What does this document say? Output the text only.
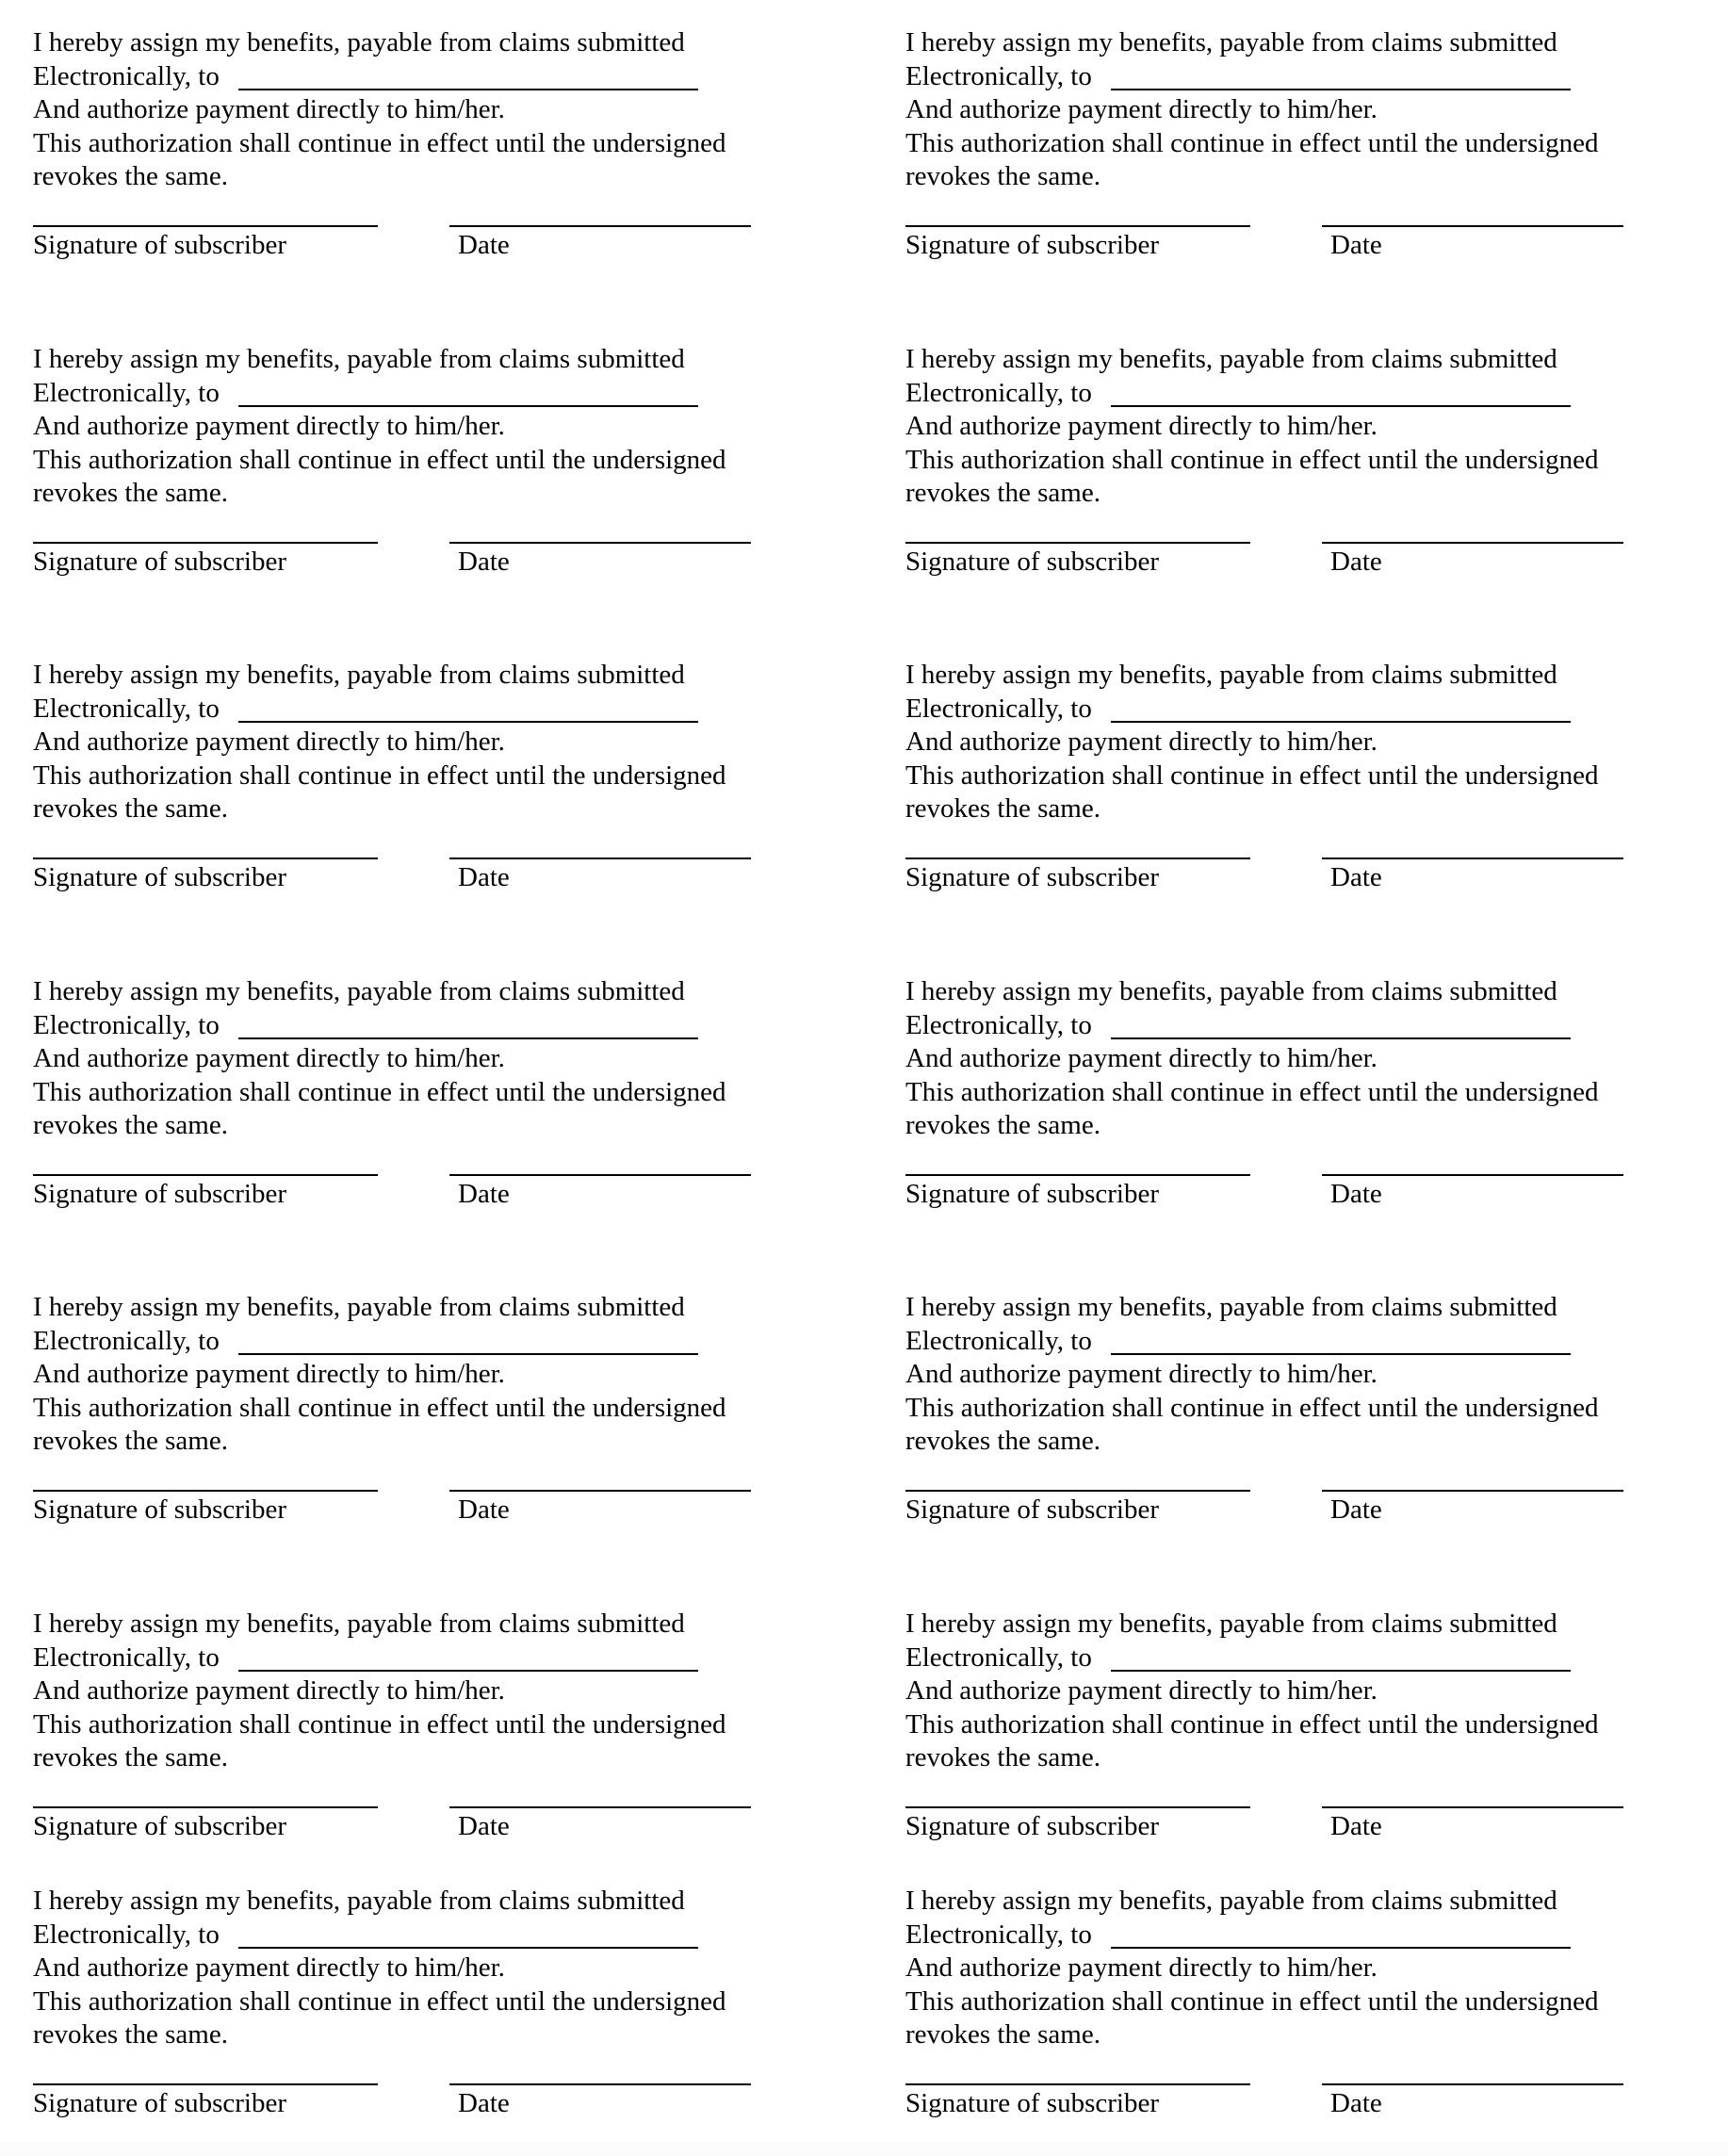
I hereby assign my benefits, payable from claims submitted
Electronically, to
And authorize payment directly to him/her.
This authorization shall continue in effect until the undersigned
revokes the same.
Signature of subscriber	Date
I hereby assign my benefits, payable from claims submitted
Electronically, to
And authorize payment directly to him/her.
This authorization shall continue in effect until the undersigned
revokes the same.
Signature of subscriber	Date
I hereby assign my benefits, payable from claims submitted
Electronically, to
And authorize payment directly to him/her.
This authorization shall continue in effect until the undersigned
revokes the same.
Signature of subscriber	Date
I hereby assign my benefits, payable from claims submitted
Electronically, to
And authorize payment directly to him/her.
This authorization shall continue in effect until the undersigned
revokes the same.
Signature of subscriber	Date
I hereby assign my benefits, payable from claims submitted
Electronically, to
And authorize payment directly to him/her.
This authorization shall continue in effect until the undersigned
revokes the same.
Signature of subscriber	Date
I hereby assign my benefits, payable from claims submitted
Electronically, to
And authorize payment directly to him/her.
This authorization shall continue in effect until the undersigned
revokes the same.
Signature of subscriber	Date
I hereby assign my benefits, payable from claims submitted
Electronically, to
And authorize payment directly to him/her.
This authorization shall continue in effect until the undersigned
revokes the same.
Signature of subscriber	Date
I hereby assign my benefits, payable from claims submitted
Electronically, to
And authorize payment directly to him/her.
This authorization shall continue in effect until the undersigned
revokes the same.
Signature of subscriber	Date
I hereby assign my benefits, payable from claims submitted
Electronically, to
And authorize payment directly to him/her.
This authorization shall continue in effect until the undersigned
revokes the same.
Signature of subscriber	Date
I hereby assign my benefits, payable from claims submitted
Electronically, to
And authorize payment directly to him/her.
This authorization shall continue in effect until the undersigned
revokes the same.
Signature of subscriber	Date
I hereby assign my benefits, payable from claims submitted
Electronically, to
And authorize payment directly to him/her.
This authorization shall continue in effect until the undersigned
revokes the same.
Signature of subscriber	Date
I hereby assign my benefits, payable from claims submitted
Electronically, to
And authorize payment directly to him/her.
This authorization shall continue in effect until the undersigned
revokes the same.
Signature of subscriber	Date
I hereby assign my benefits, payable from claims submitted
Electronically, to
And authorize payment directly to him/her.
This authorization shall continue in effect until the undersigned
revokes the same.
Signature of subscriber	Date
I hereby assign my benefits, payable from claims submitted
Electronically, to
And authorize payment directly to him/her.
This authorization shall continue in effect until the undersigned
revokes the same.
Signature of subscriber	Date
